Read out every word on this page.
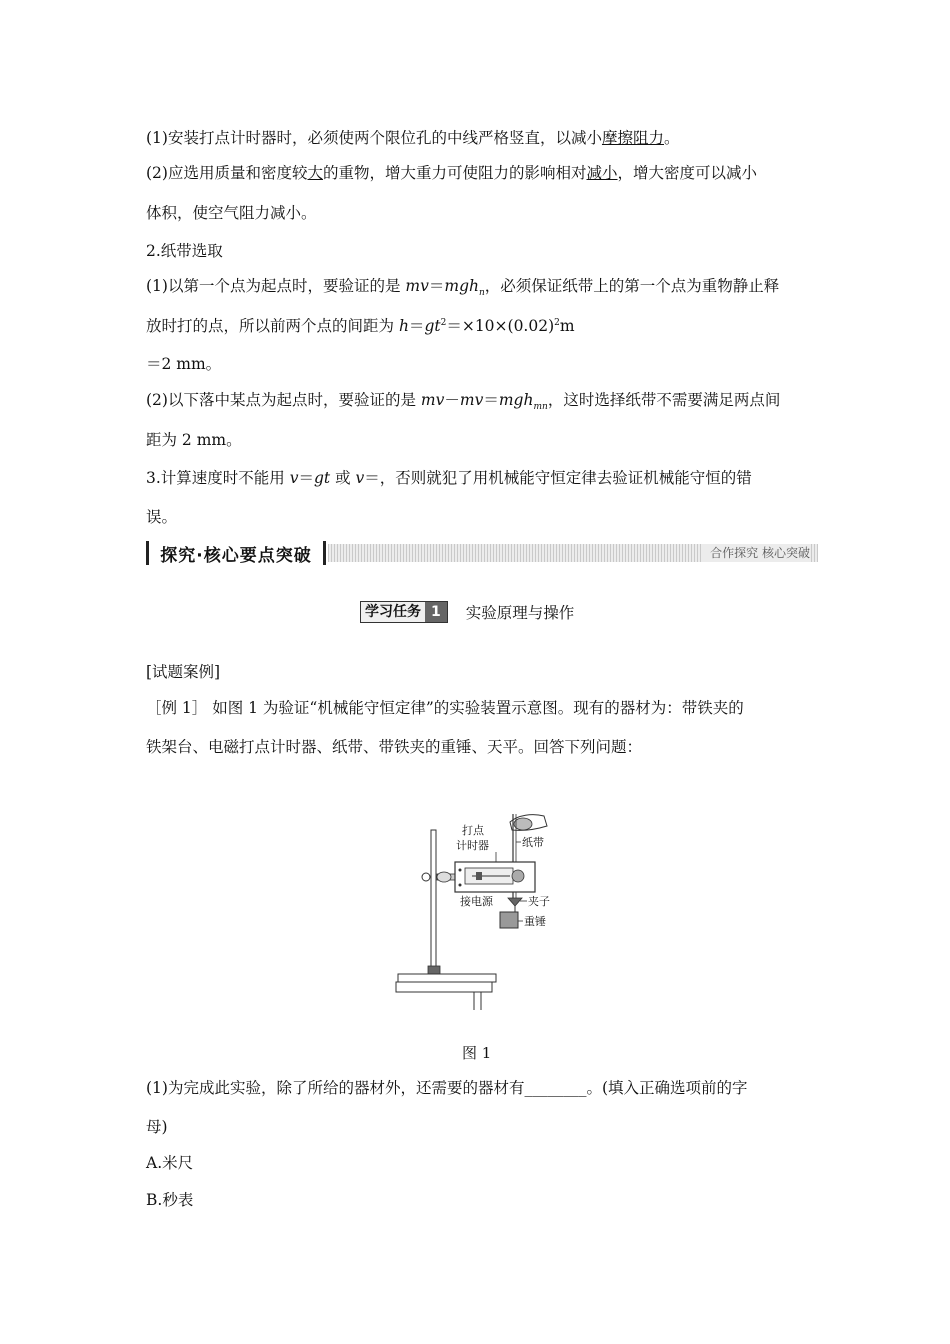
(1)安装打点计时器时，必须使两个限位孔的中线严格竖直，以减小摩擦阻力。
(2)应选用质量和密度较大的重物，增大重力可使阻力的影响相对减小，增大密度可以减小
体积，使空气阻力减小。
2.纸带选取
(1)以第一个点为起点时，要验证的是 mv＝mgh$_n$，必须保证纸带上的第一个点为重物静止释
放时打的点，所以前两个点的间距为 $h=gt^2=\times 10\times(0.02)^2m$
＝2 mm。
(2)以下落中某点为起点时，要验证的是 mv－mv＝mgh$_{mn}$，这时选择纸带不需要满足两点间
距为 2 mm。
3.计算速度时不能用 v＝gt 或 v＝，否则就犯了用机械能守恒定律去验证机械能守恒的错
误。
探究·核心要点突破	合作探究 核心突破
学习任务 1	实验原理与操作
[试题案例]
［例 1］ 如图 1 为验证“机械能守恒定律”的实验装置示意图。现有的器材为：带铁夹的
铁架台、电磁打点计时器、纸带、带铁夹的重锤、天平。回答下列问题：
打点
计时器	纸带
接电源	夹子
重锤
图 1
(1)为完成此实验，除了所给的器材外，还需要的器材有________。(填入正确选项前的字
母)
A.米尺
B.秒表
